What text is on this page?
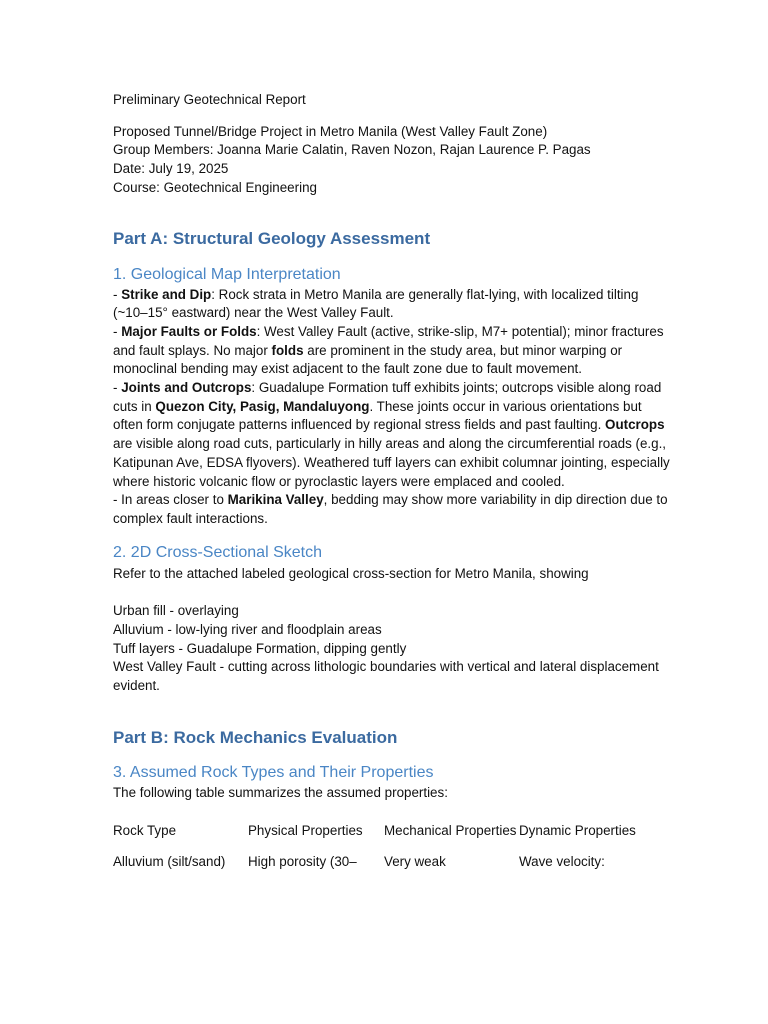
Preliminary Geotechnical Report

Proposed Tunnel/Bridge Project in Metro Manila (West Valley Fault Zone)

Group Members: Joanna Marie Calatin, Raven Nozon, Rajan Laurence P. Pagas

Date: July 19, 2025

Course: Geotechnical Engineering

Part A: Structural Geology Assessment
1. Geological Map Interpretation

- Strike and Dip: Rock strata in Metro Manila are generally flat-lying, with localized tilting (~10–15° eastward) near the West Valley Fault.

- Major Faults or Folds: West Valley Fault (active, strike-slip, M7+ potential); minor fractures and fault splays. No major folds are prominent in the study area, but minor warping or monoclinal bending may exist adjacent to the fault zone due to fault movement.

- Joints and Outcrops: Guadalupe Formation tuff exhibits joints; outcrops visible along road cuts in Quezon City, Pasig, Mandaluyong. These joints occur in various orientations but often form conjugate patterns influenced by regional stress fields and past faulting. Outcrops are visible along road cuts, particularly in hilly areas and along the circumferential roads (e.g., Katipunan Ave, EDSA flyovers). Weathered tuff layers can exhibit columnar jointing, especially where historic volcanic flow or pyroclastic layers were emplaced and cooled.

- In areas closer to Marikina Valley, bedding may show more variability in dip direction due to complex fault interactions.

2. 2D Cross-Sectional Sketch

Refer to the attached labeled geological cross-section for Metro Manila, showing

Urban fill - overlaying

Alluvium - low-lying river and floodplain areas

Tuff layers - Guadalupe Formation, dipping gently

West Valley Fault - cutting across lithologic boundaries with vertical and lateral displacement evident.

Part B: Rock Mechanics Evaluation
3. Assumed Rock Types and Their Properties

The following table summarizes the assumed properties:

Rock Type	Physical Properties	Mechanical Properties	Dynamic Properties
Alluvium (silt/sand)	High porosity (30–	Very weak	Wave velocity:
